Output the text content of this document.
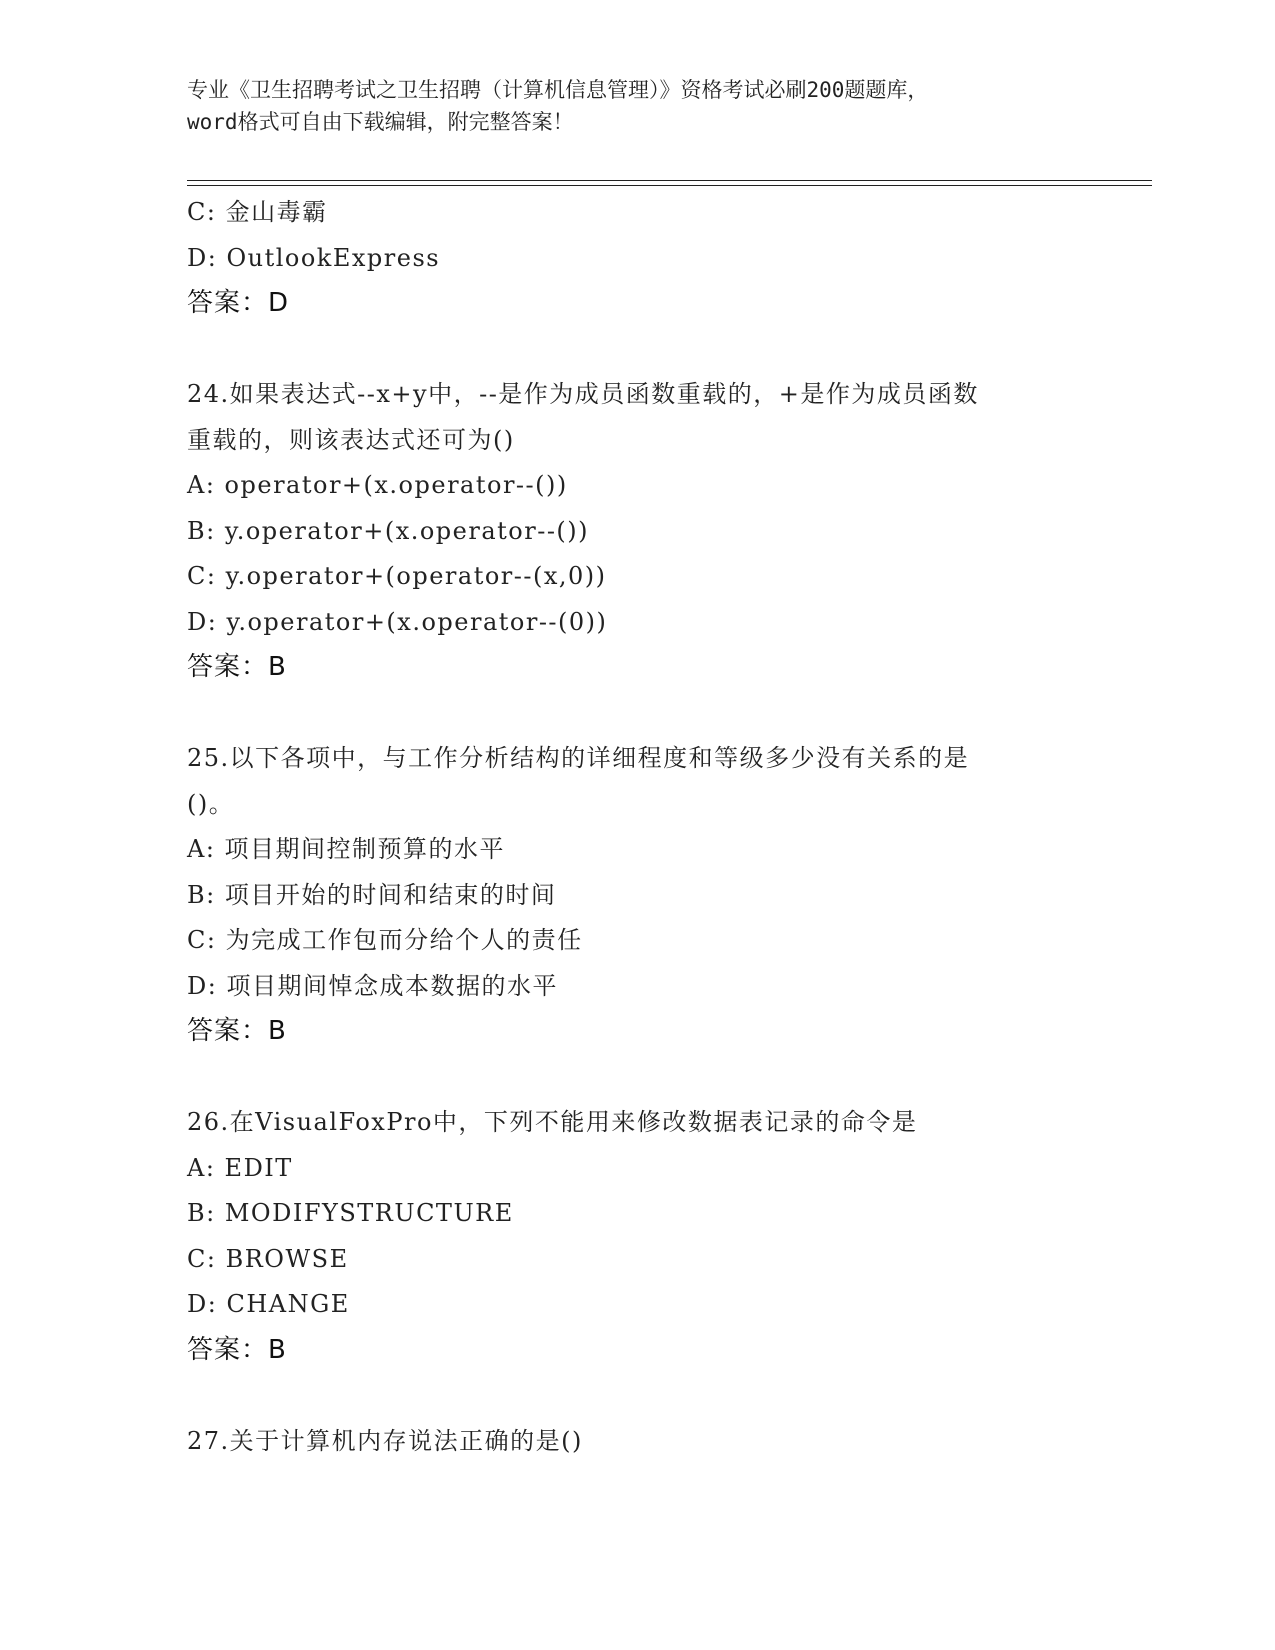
专业《卫生招聘考试之卫生招聘（计算机信息管理）》资格考试必刷200题题库，
word格式可自由下载编辑，附完整答案！
C: 金山毒霸
D: OutlookExpress
答案：D
24.如果表达式--x+y中，--是作为成员函数重载的，+是作为成员函数
重载的，则该表达式还可为()
A: operator+(x.operator--())
B: y.operator+(x.operator--())
C: y.operator+(operator--(x,0))
D: y.operator+(x.operator--(0))
答案：B
25.以下各项中，与工作分析结构的详细程度和等级多少没有关系的是
()。
A: 项目期间控制预算的水平
B: 项目开始的时间和结束的时间
C: 为完成工作包而分给个人的责任
D: 项目期间悼念成本数据的水平
答案：B
26.在VisualFoxPro中，下列不能用来修改数据表记录的命令是
A: EDIT
B: MODIFYSTRUCTURE
C: BROWSE
D: CHANGE
答案：B
27.关于计算机内存说法正确的是()
